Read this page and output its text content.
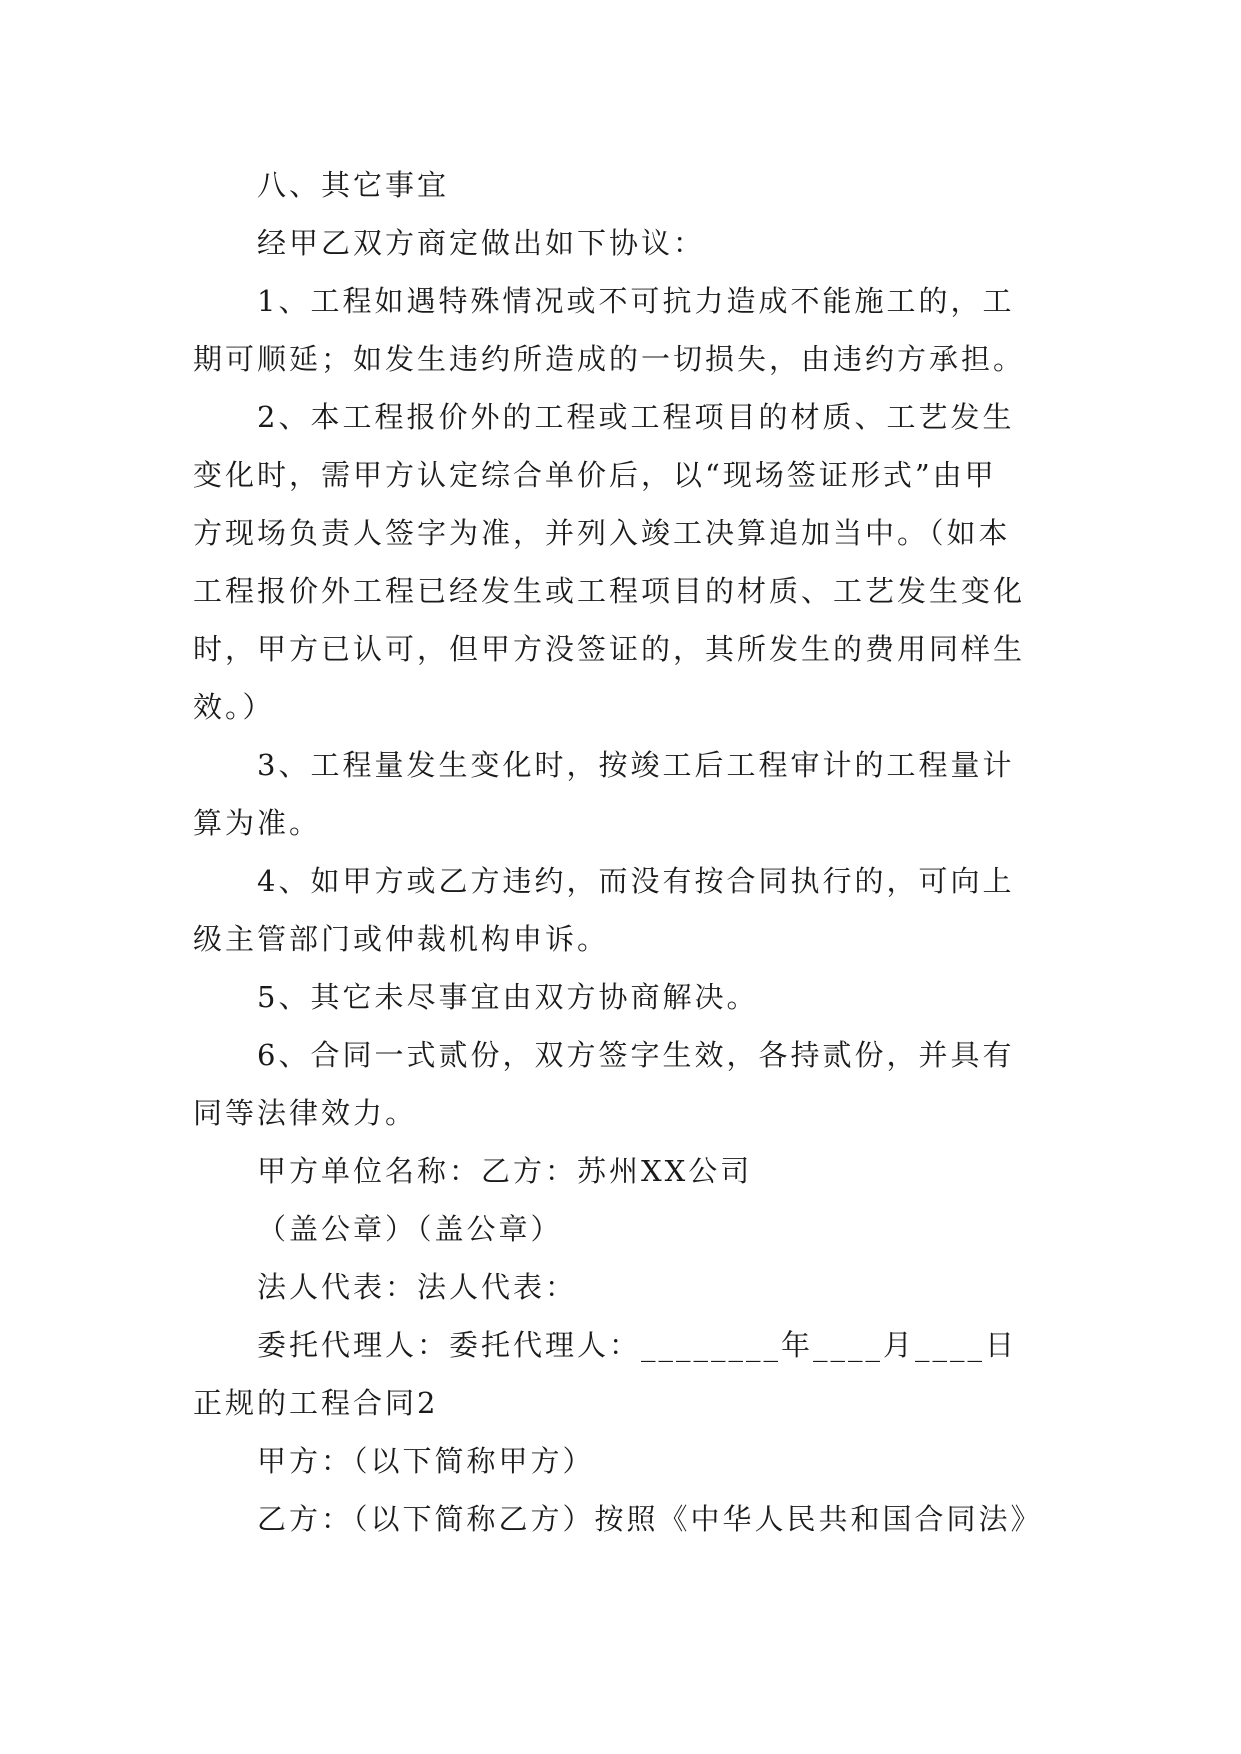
八、其它事宜
经甲乙双方商定做出如下协议：
1、工程如遇特殊情况或不可抗力造成不能施工的，工
期可顺延；如发生违约所造成的一切损失，由违约方承担。
2、本工程报价外的工程或工程项目的材质、工艺发生
变化时，需甲方认定综合单价后，以“现场签证形式”由甲
方现场负责人签字为准，并列入竣工决算追加当中。（如本
工程报价外工程已经发生或工程项目的材质、工艺发生变化
时，甲方已认可，但甲方没签证的，其所发生的费用同样生
效。）
3、工程量发生变化时，按竣工后工程审计的工程量计
算为准。
4、如甲方或乙方违约，而没有按合同执行的，可向上
级主管部门或仲裁机构申诉。
5、其它未尽事宜由双方协商解决。
6、合同一式贰份，双方签字生效，各持贰份，并具有
同等法律效力。
甲方单位名称：乙方：苏州XX公司
（盖公章）（盖公章）
法人代表：法人代表：
委托代理人：委托代理人：________年____月____日
正规的工程合同2
甲方：（以下简称甲方）
乙方：（以下简称乙方）按照《中华人民共和国合同法》
